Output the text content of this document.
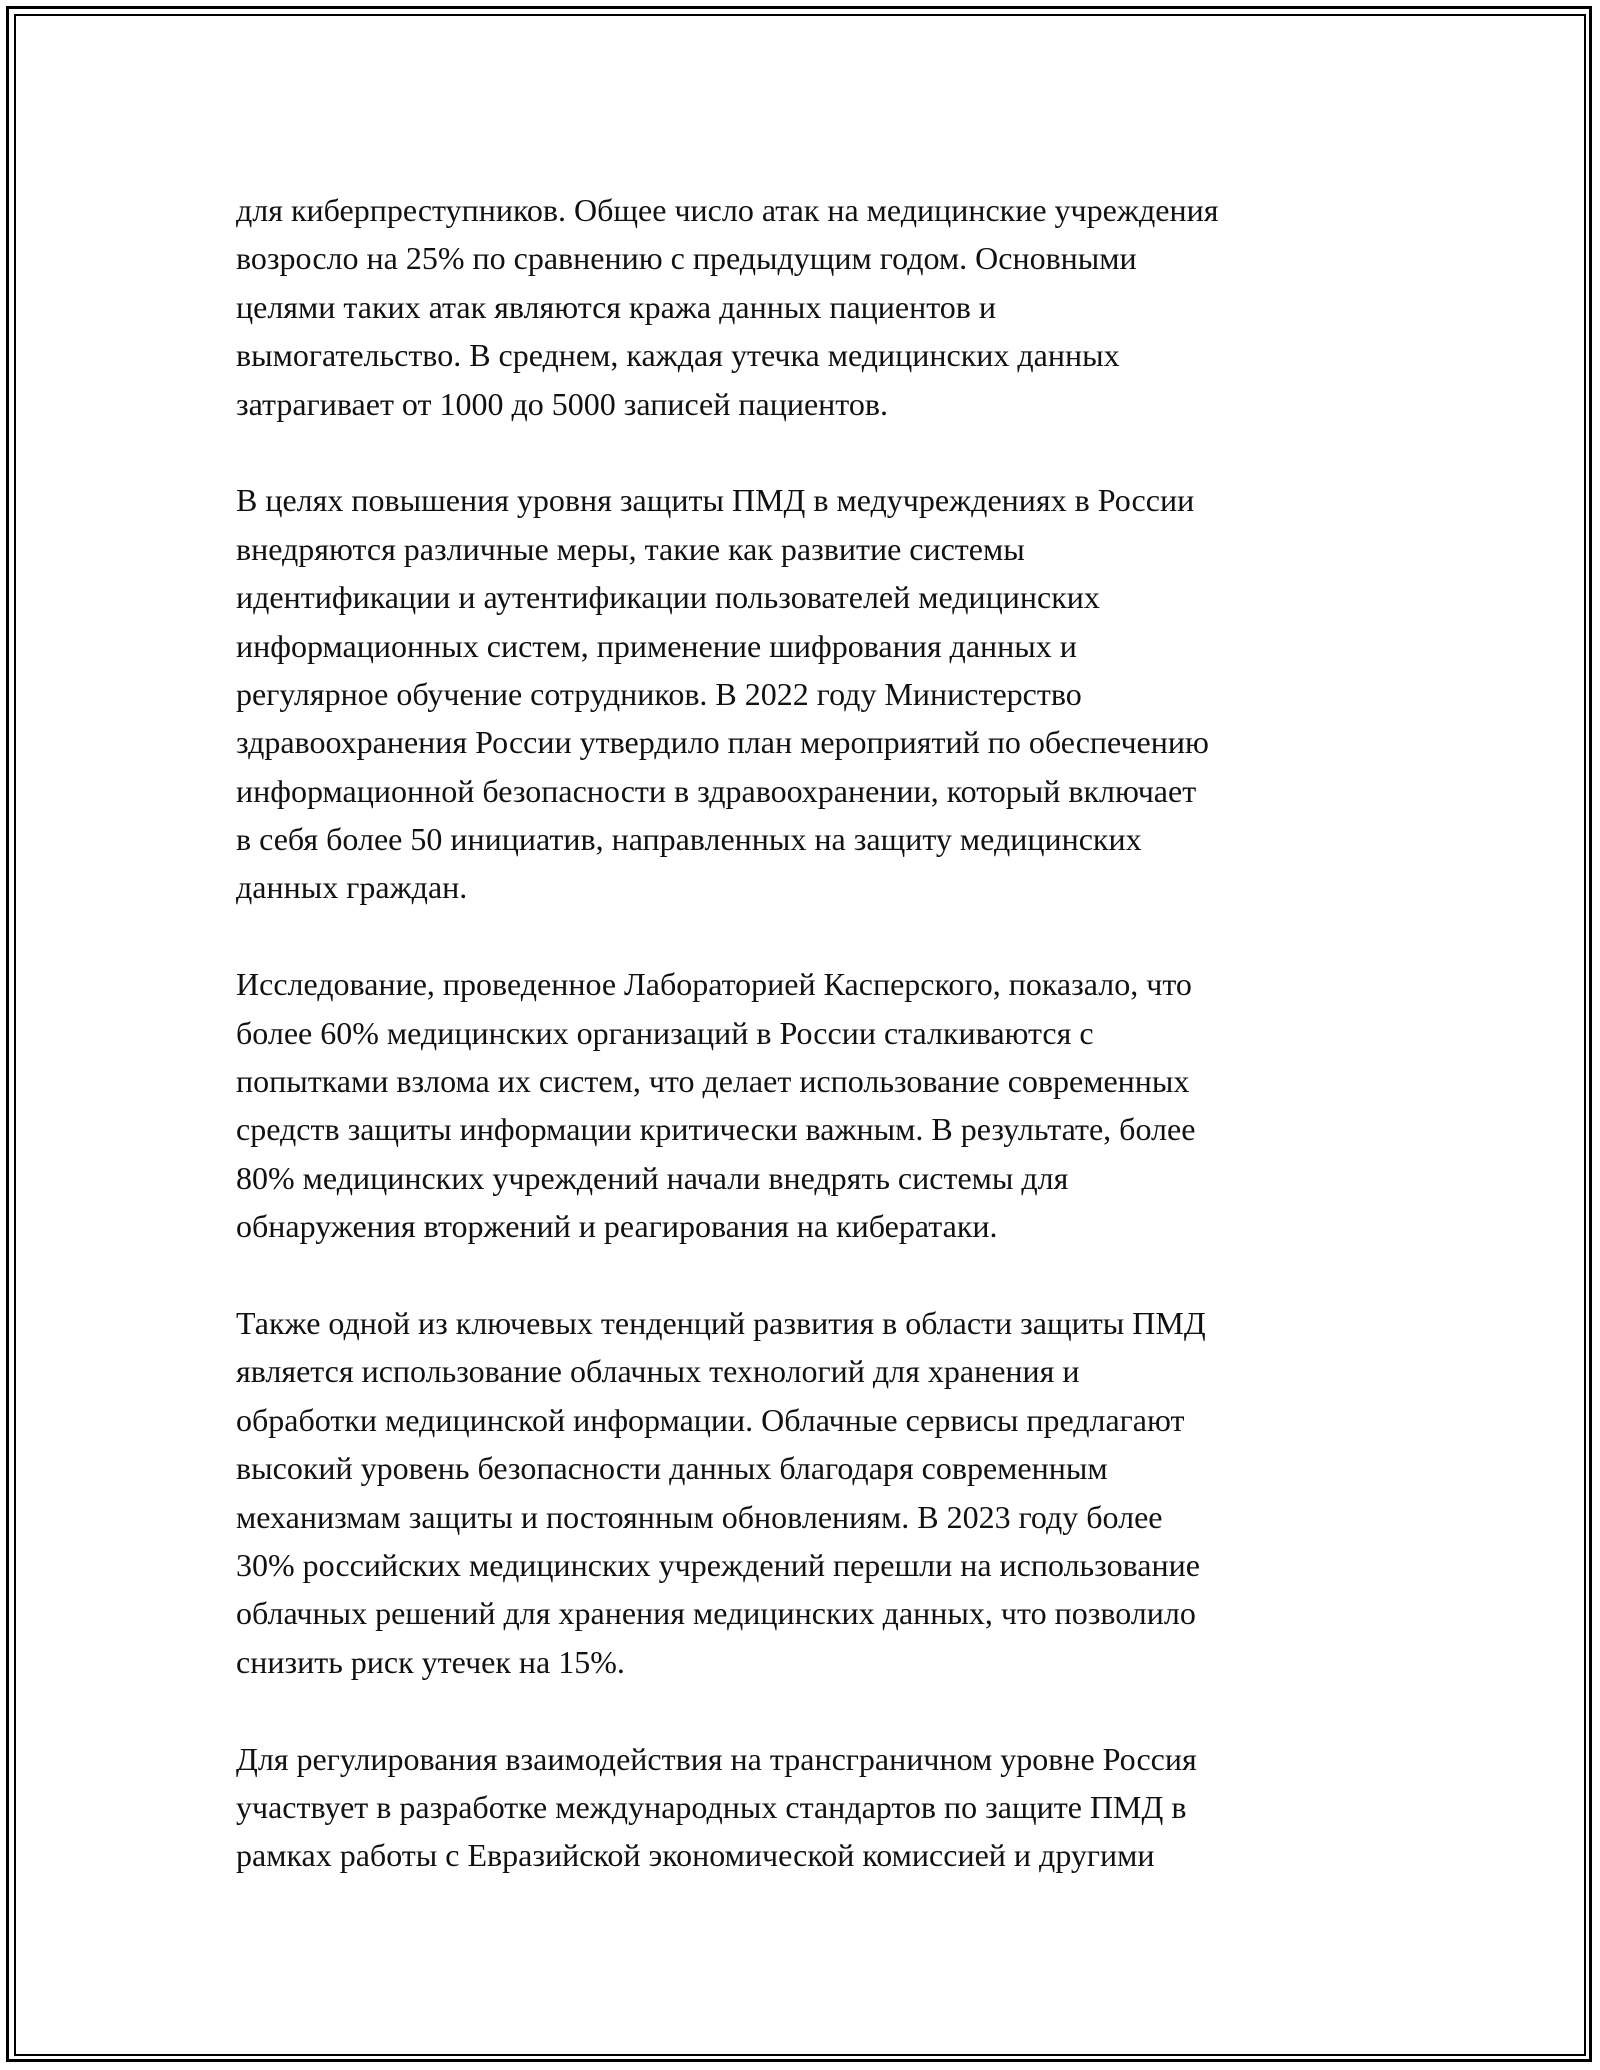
для киберпреступников. Общее число атак на медицинские учреждения
возросло на 25% по сравнению с предыдущим годом. Основными
целями таких атак являются кража данных пациентов и
вымогательство. В среднем, каждая утечка медицинских данных
затрагивает от 1000 до 5000 записей пациентов.
В целях повышения уровня защиты ПМД в медучреждениях в России
внедряются различные меры, такие как развитие системы
идентификации и аутентификации пользователей медицинских
информационных систем, применение шифрования данных и
регулярное обучение сотрудников. В 2022 году Министерство
здравоохранения России утвердило план мероприятий по обеспечению
информационной безопасности в здравоохранении, который включает
в себя более 50 инициатив, направленных на защиту медицинских
данных граждан.
Исследование, проведенное Лабораторией Касперского, показало, что
более 60% медицинских организаций в России сталкиваются с
попытками взлома их систем, что делает использование современных
средств защиты информации критически важным. В результате, более
80% медицинских учреждений начали внедрять системы для
обнаружения вторжений и реагирования на кибератаки.
Также одной из ключевых тенденций развития в области защиты ПМД
является использование облачных технологий для хранения и
обработки медицинской информации. Облачные сервисы предлагают
высокий уровень безопасности данных благодаря современным
механизмам защиты и постоянным обновлениям. В 2023 году более
30% российских медицинских учреждений перешли на использование
облачных решений для хранения медицинских данных, что позволило
снизить риск утечек на 15%.
Для регулирования взаимодействия на трансграничном уровне Россия
участвует в разработке международных стандартов по защите ПМД в
рамках работы с Евразийской экономической комиссией и другими
